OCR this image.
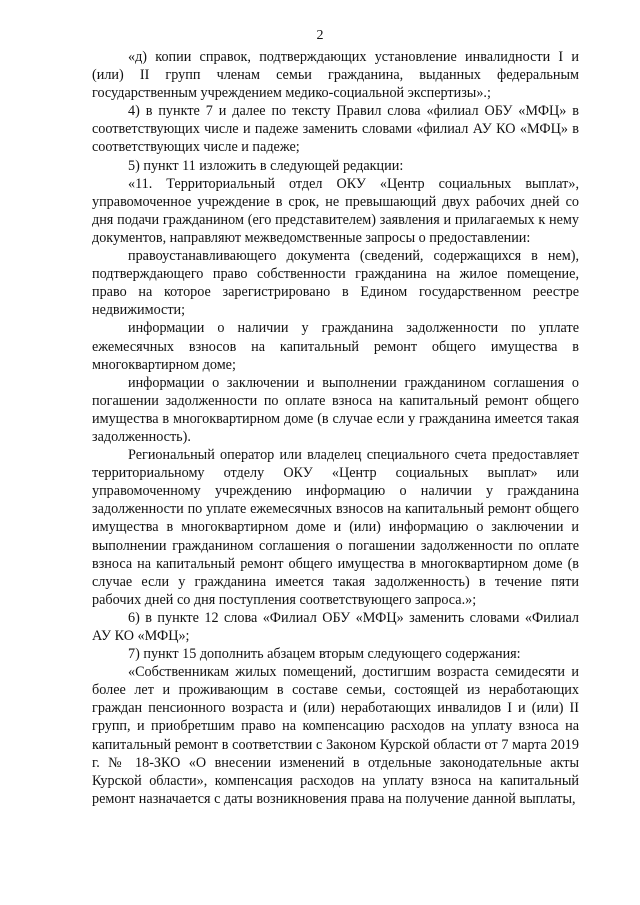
2

«д) копии справок, подтверждающих установление инвалидности I и (или) II групп членам семьи гражданина, выданных федеральным государственным учреждением медико-социальной экспертизы».;

4) в пункте 7 и далее по тексту Правил слова «филиал ОБУ «МФЦ» в соответствующих числе и падеже заменить словами «филиал АУ КО «МФЦ» в соответствующих числе и падеже;

5) пункт 11 изложить в следующей редакции:

«11. Территориальный отдел ОКУ «Центр социальных выплат», управомоченное учреждение в срок, не превышающий двух рабочих дней со дня подачи гражданином (его представителем) заявления и прилагаемых к нему документов, направляют межведомственные запросы о предоставлении:

правоустанавливающего документа (сведений, содержащихся в нем), подтверждающего право собственности гражданина на жилое помещение, право на которое зарегистрировано в Едином государственном реестре недвижимости;

информации о наличии у гражданина задолженности по уплате ежемесячных взносов на капитальный ремонт общего имущества в многоквартирном доме;

информации о заключении и выполнении гражданином соглашения о погашении задолженности по оплате взноса на капитальный ремонт общего имущества в многоквартирном доме (в случае если у гражданина имеется такая задолженность).

Региональный оператор или владелец специального счета предоставляет территориальному отделу ОКУ «Центр социальных выплат» или управомоченному учреждению информацию о наличии у гражданина задолженности по уплате ежемесячных взносов на капитальный ремонт общего имущества в многоквартирном доме и (или) информацию о заключении и выполнении гражданином соглашения о погашении задолженности по оплате взноса на капитальный ремонт общего имущества в многоквартирном доме (в случае если у гражданина имеется такая задолженность) в течение пяти рабочих дней со дня поступления соответствующего запроса.»;

6) в пункте 12 слова «Филиал ОБУ «МФЦ» заменить словами «Филиал АУ КО «МФЦ»;

7) пункт 15 дополнить абзацем вторым следующего содержания:

«Собственникам жилых помещений, достигшим возраста семидесяти и более лет и проживающим в составе семьи, состоящей из неработающих граждан пенсионного возраста и (или) неработающих инвалидов I и (или) II групп, и приобретшим право на компенсацию расходов на уплату взноса на капитальный ремонт в соответствии с Законом Курской области от 7 марта 2019 г. № 18-ЗКО «О внесении изменений в отдельные законодательные акты Курской области», компенсация расходов на уплату взноса на капитальный ремонт назначается с даты возникновения права на получение данной выплаты,
